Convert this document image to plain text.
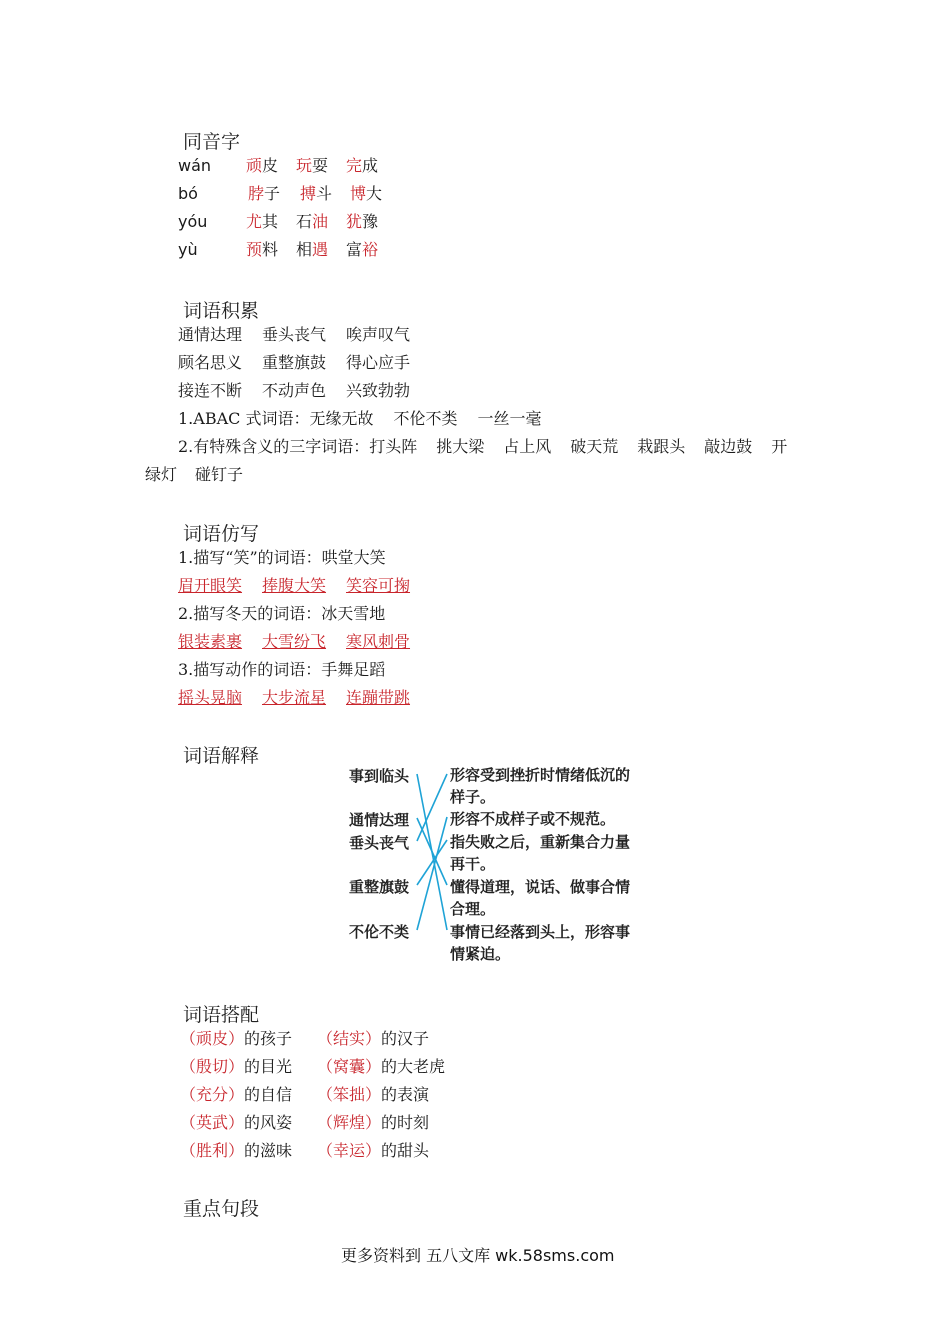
同音字
wán 顽皮 玩耍 完成
bó	脖子 搏斗 博大
yóu 尤其 石油 犹豫
yù	预料 相遇 富裕
词语积累
通情达理 垂头丧气 唉声叹气
顾名思义 重整旗鼓 得心应手
接连不断 不动声色 兴致勃勃
1.ABAC 式词语：无缘无故 不伦不类 一丝一毫
2.有特殊含义的三字词语：打头阵 挑大梁 占上风 破天荒 栽跟头 敲边鼓 开
绿灯 碰钉子
词语仿写
1.描写“笑”的词语：哄堂大笑
眉开眼笑 捧腹大笑 笑容可掬
2.描写冬天的词语：冰天雪地
银装素裹 大雪纷飞 寒风刺骨
3.描写动作的词语：手舞足蹈
摇头晃脑 大步流星 连蹦带跳
词语解释
事到临头
通情达理
垂头丧气
重整旗鼓
不伦不类
形容受到挫折时情绪低沉的样子。
形容不成样子或不规范。
指失败之后，重新集合力量再干。
懂得道理，说话、做事合情合理。
事情已经落到头上，形容事情紧迫。
词语搭配
（顽皮）的孩子 （结实）的汉子
（殷切）的目光 （窝囊）的大老虎
（充分）的自信 （笨拙）的表演
（英武）的风姿 （辉煌）的时刻
（胜利）的滋味 （幸运）的甜头
重点句段
更多资料到 五八文库 wk.58sms.com
